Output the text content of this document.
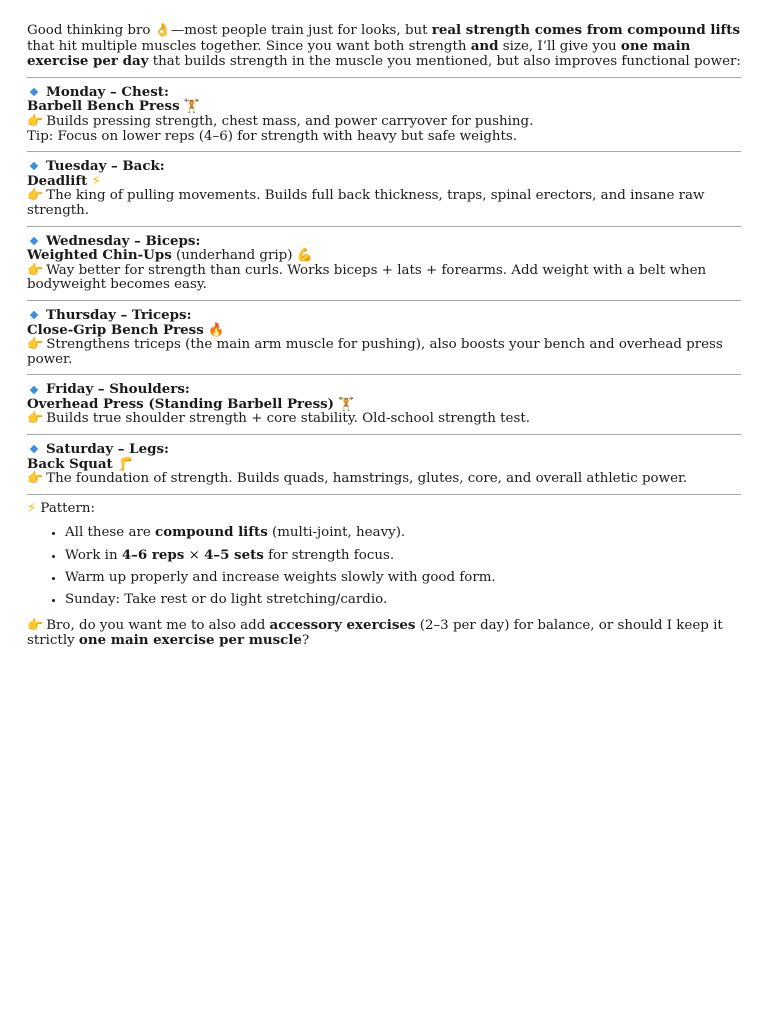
Good thinking bro 👌—most people train just for looks, but real strength comes from compound lifts that hit multiple muscles together. Since you want both strength and size, I’ll give you one main exercise per day that builds strength in the muscle you mentioned, but also improves functional power:

Monday – Chest:

Barbell Bench Press 🏋

👉 Builds pressing strength, chest mass, and power carryover for pushing.

Tip: Focus on lower reps (4–6) for strength with heavy but safe weights.

Tuesday – Back:

Deadlift ⚡

👉 The king of pulling movements. Builds full back thickness, traps, spinal erectors, and insane raw strength.

Wednesday – Biceps:

Weighted Chin-Ups (underhand grip) 💪

👉 Way better for strength than curls. Works biceps + lats + forearms. Add weight with a belt when bodyweight becomes easy.

Thursday – Triceps:

Close-Grip Bench Press 🔥

👉 Strengthens triceps (the main arm muscle for pushing), also boosts your bench and overhead press power.

Friday – Shoulders:

Overhead Press (Standing Barbell Press) 🏋

👉 Builds true shoulder strength + core stability. Old-school strength test.

Saturday – Legs:

Back Squat 🦵

👉 The foundation of strength. Builds quads, hamstrings, glutes, core, and overall athletic power.

⚡ Pattern:

• All these are compound lifts (multi-joint, heavy).
• Work in 4–6 reps × 4–5 sets for strength focus.
• Warm up properly and increase weights slowly with good form.
• Sunday: Take rest or do light stretching/cardio.

👉 Bro, do you want me to also add accessory exercises (2–3 per day) for balance, or should I keep it strictly one main exercise per muscle?
